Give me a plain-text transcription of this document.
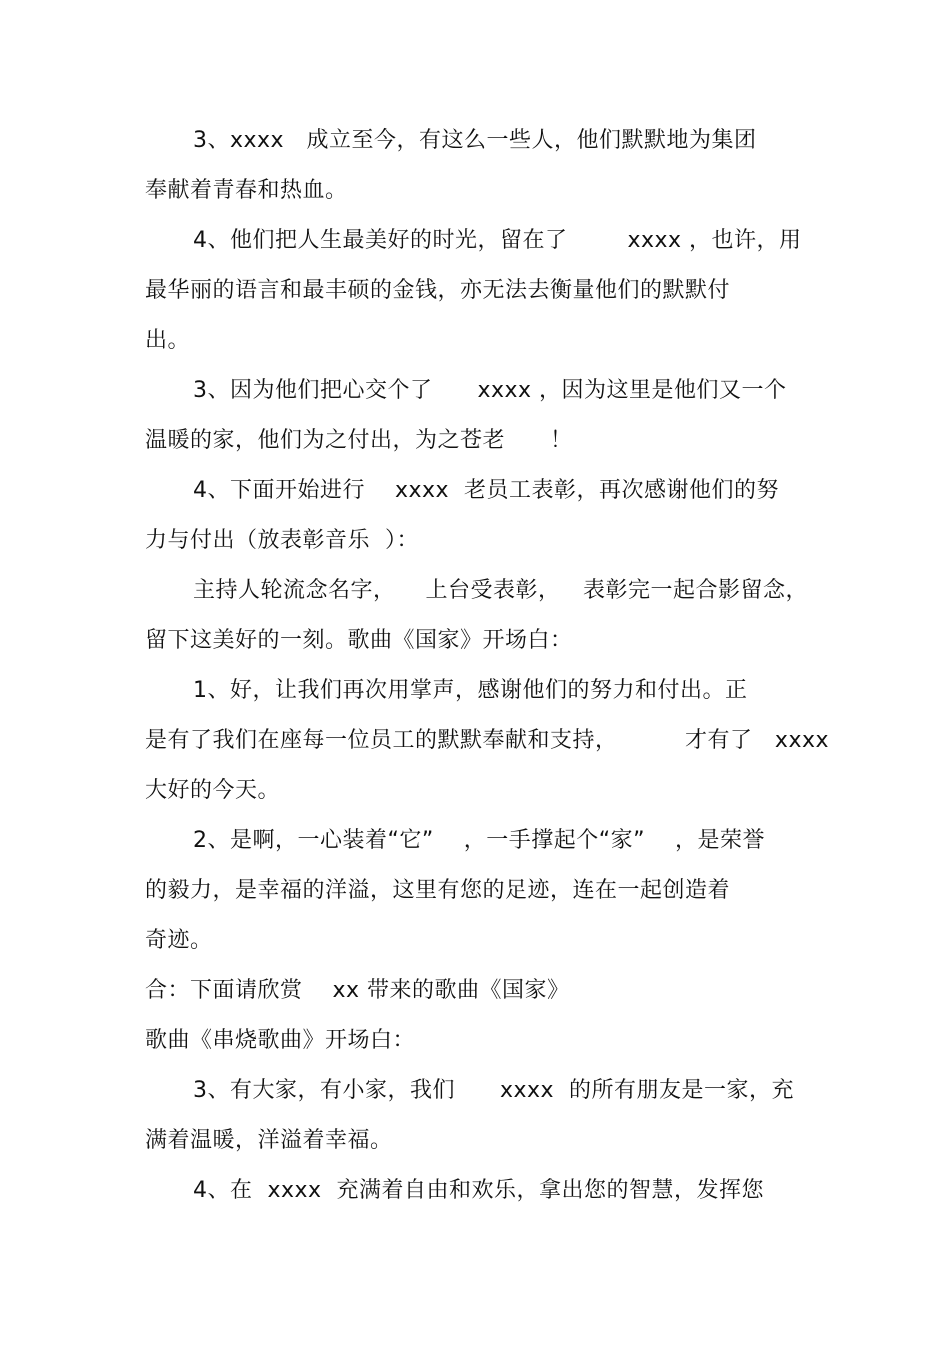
3、xxxx   成立至今，有这么一些人，他们默默地为集团
奉献着青春和热血。
4、他们把人生最美好的时光，留在了        xxxx ，也许，用
最华丽的语言和最丰硕的金钱，亦无法去衡量他们的默默付
出。
3、因为他们把心交个了      xxxx ，因为这里是他们又一个
温暖的家，他们为之付出，为之苍老      ！
4、下面开始进行    xxxx  老员工表彰，再次感谢他们的努
力与付出（放表彰音乐  ）：
主持人轮流念名字，    上台受表彰，   表彰完一起合影留念，
留下这美好的一刻。歌曲《国家》开场白：
1、好，让我们再次用掌声，感谢他们的努力和付出。正
是有了我们在座每一位员工的默默奉献和支持，         才有了   xxxx
大好的今天。
2、是啊，一心装着“它”    ，一手撑起个“家”    ，是荣誉
的毅力，是幸福的洋溢，这里有您的足迹，连在一起创造着
奇迹。
合：下面请欣赏    xx 带来的歌曲《国家》
歌曲《串烧歌曲》开场白：
3、有大家，有小家，我们      xxxx  的所有朋友是一家，充
满着温暖，洋溢着幸福。
4、在  xxxx  充满着自由和欢乐，拿出您的智慧，发挥您
